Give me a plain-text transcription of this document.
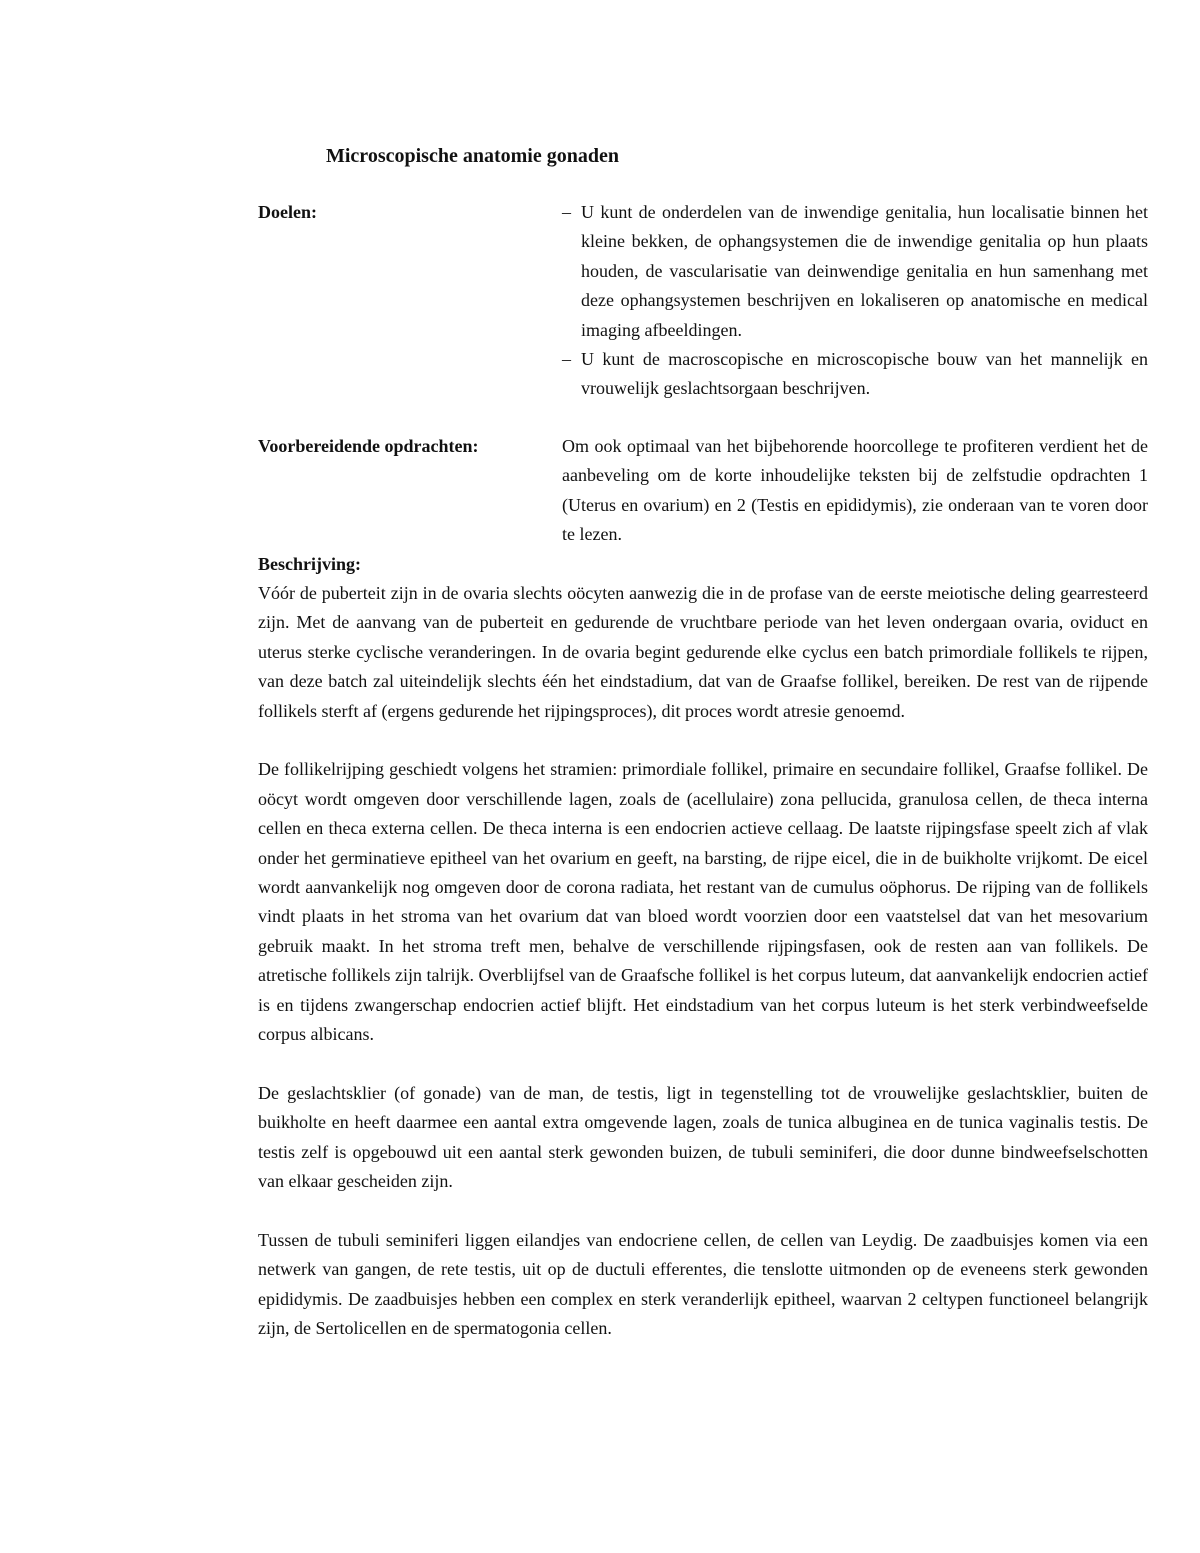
Microscopische anatomie gonaden
Doelen:	– U kunt de onderdelen van de inwendige genitalia, hun localisatie binnen het kleine bekken, de ophangsystemen die de inwendige genitalia op hun plaats houden, de vascularisatie van deinwendige genitalia en hun samenhang met deze ophangsystemen beschrijven en lokaliseren op anatomische en medical imaging afbeeldingen.
– U kunt de macroscopische en microscopische bouw van het mannelijk en vrouwelijk geslachtsorgaan beschrijven.
Voorbereidende opdrachten:	Om ook optimaal van het bijbehorende hoorcollege te profiteren verdient het de aanbeveling om de korte inhoudelijke teksten bij de zelfstudie opdrachten 1 (Uterus en ovarium) en 2 (Testis en epididymis), zie onderaan van te voren door te lezen.

Beschrijving:

Vóór de puberteit zijn in de ovaria slechts oöcyten aanwezig die in de profase van de eerste meiotische deling gearresteerd zijn. Met de aanvang van de puberteit en gedurende de vruchtbare periode van het leven ondergaan ovaria, oviduct en uterus sterke cyclische veranderingen. In de ovaria begint gedurende elke cyclus een batch primordiale follikels te rijpen, van deze batch zal uiteindelijk slechts één het eindstadium, dat van de Graafse follikel, bereiken. De rest van de rijpende follikels sterft af (ergens gedurende het rijpingsproces), dit proces wordt atresie genoemd.

De follikelrijping geschiedt volgens het stramien: primordiale follikel, primaire en secundaire follikel, Graafse follikel. De oöcyt wordt omgeven door verschillende lagen, zoals de (acellulaire) zona pellucida, granulosa cellen, de theca interna cellen en theca externa cellen. De theca interna is een endocrien actieve cellaag. De laatste rijpingsfase speelt zich af vlak onder het germinatieve epitheel van het ovarium en geeft, na barsting, de rijpe eicel, die in de buikholte vrijkomt. De eicel wordt aanvankelijk nog omgeven door de corona radiata, het restant van de cumulus oöphorus. De rijping van de follikels vindt plaats in het stroma van het ovarium dat van bloed wordt voorzien door een vaatstelsel dat van het mesovarium gebruik maakt. In het stroma treft men, behalve de verschillende rijpingsfasen, ook de resten aan van follikels. De atretische follikels zijn talrijk. Overblijfsel van de Graafsche follikel is het corpus luteum, dat aanvankelijk endocrien actief is en tijdens zwangerschap endocrien actief blijft. Het eindstadium van het corpus luteum is het sterk verbindweefselde corpus albicans.

De geslachtsklier (of gonade) van de man, de testis, ligt in tegenstelling tot de vrouwelijke geslachtsklier, buiten de buikholte en heeft daarmee een aantal extra omgevende lagen, zoals de tunica albuginea en de tunica vaginalis testis. De testis zelf is opgebouwd uit een aantal sterk gewonden buizen, de tubuli seminiferi, die door dunne bindweefselschotten van elkaar gescheiden zijn.

Tussen de tubuli seminiferi liggen eilandjes van endocriene cellen, de cellen van Leydig. De zaadbuisjes komen via een netwerk van gangen, de rete testis, uit op de ductuli efferentes, die tenslotte uitmonden op de eveneens sterk gewonden epididymis. De zaadbuisjes hebben een complex en sterk veranderlijk epitheel, waarvan 2 celtypen functioneel belangrijk zijn, de Sertolicellen en de spermatogonia cellen.
